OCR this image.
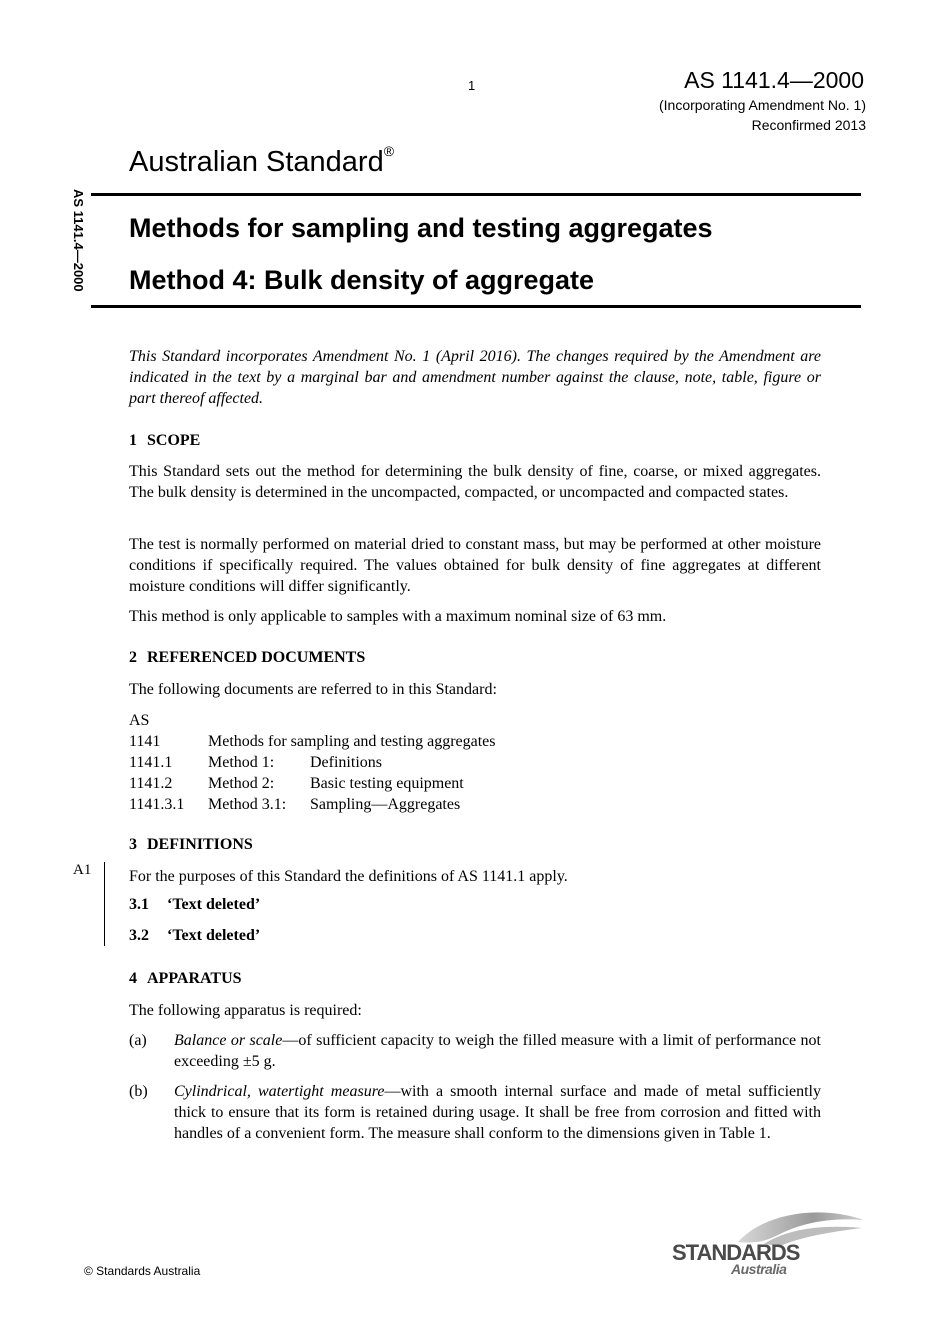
1	AS 1141.4—2000
(Incorporating Amendment No. 1)
Reconfirmed 2013
Australian Standard®
AS 1141.4—2000 Methods for sampling and testing aggregates
Method 4: Bulk density of aggregate
This Standard incorporates Amendment No. 1 (April 2016). The changes required by the Amendment are indicated in the text by a marginal bar and amendment number against the clause, note, table, figure or part thereof affected.
1 SCOPE
This Standard sets out the method for determining the bulk density of fine, coarse, or mixed aggregates. The bulk density is determined in the uncompacted, compacted, or uncompacted and compacted states.
The test is normally performed on material dried to constant mass, but may be performed at other moisture conditions if specifically required. The values obtained for bulk density of fine aggregates at different moisture conditions will differ significantly.
This method is only applicable to samples with a maximum nominal size of 63 mm.
2 REFERENCED DOCUMENTS
The following documents are referred to in this Standard:
AS
1141	Methods for sampling and testing aggregates
1141.1 Method 1: Definitions
1141.2 Method 2: Basic testing equipment
1141.3.1 Method 3.1: Sampling—Aggregates
3 DEFINITIONS
A1 For the purposes of this Standard the definitions of AS 1141.1 apply.
3.1 ‘Text deleted’
3.2 ‘Text deleted’
4 APPARATUS
The following apparatus is required:
(a) Balance or scale—of sufficient capacity to weigh the filled measure with a limit of performance not exceeding ±5 g.
(b) Cylindrical, watertight measure—with a smooth internal surface and made of metal sufficiently thick to ensure that its form is retained during usage. It shall be free from corrosion and fitted with handles of a convenient form. The measure shall conform to the dimensions given in Table 1.
© Standards Australia
STANDARDS
Australia
